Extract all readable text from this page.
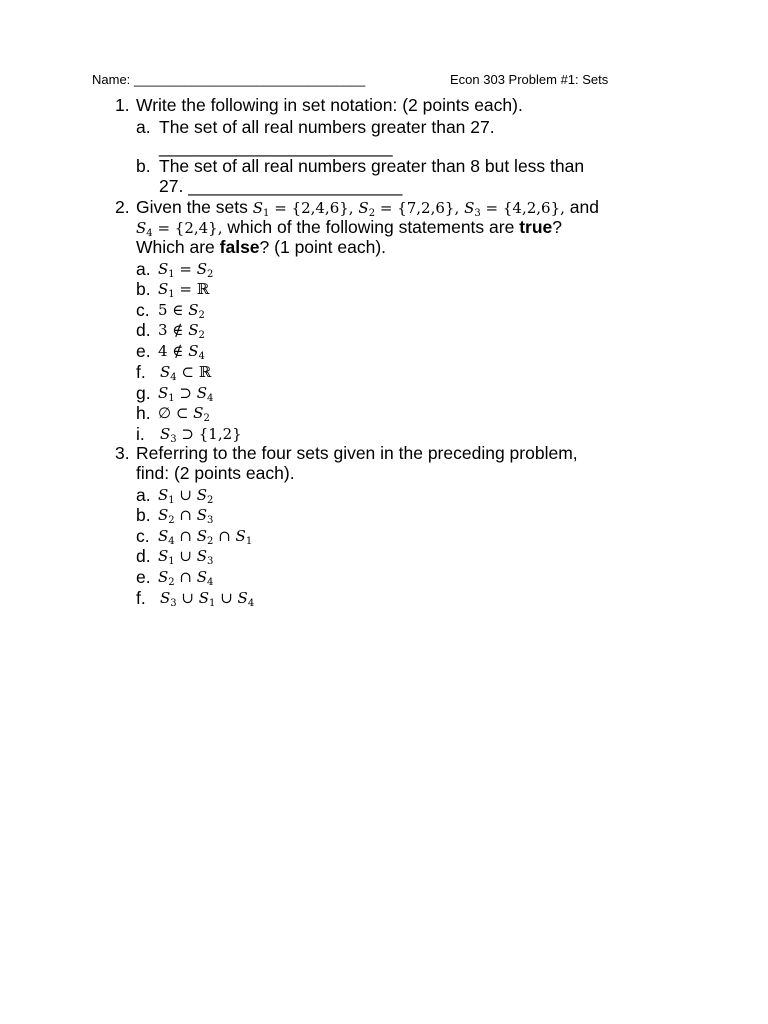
Name: ________________________________	Econ 303 Problem #1: Sets
1. Write the following in set notation: (2 points each).
a. The set of all real numbers greater than 27.
________________________
b. The set of all real numbers greater than 8 but less than
27. ______________________
2. Given the sets $S_1 = \{2,4,6\}$, $S_2 = \{7,2,6\}$, $S_3 = \{4,2,6\}$, and
$S_4 = \{2,4\}$, which of the following statements are true?
Which are false? (1 point each).
a. $S_1 = S_2$
b. $S_1$ = ℝ
c. 5 ∈ $S_2$
d. 3 ∉ $S_2$
e. 4 ∉ $S_4$
f. $S_4$ ⊂ ℝ
g. $S_1$ ⊃ $S_4$
h. ∅ ⊂ $S_2$
i. $S_3$ ⊃ {1,2}
3. Referring to the four sets given in the preceding problem,
find: (2 points each).
a. $S_1$ ∪ $S_2$
b. $S_2$ ∩ $S_3$
c. $S_4$ ∩ $S_2$ ∩ $S_1$
d. $S_1$ ∪ $S_3$
e. $S_2$ ∩ $S_4$
f. $S_3$ ∪ $S_1$ ∪ $S_4$
